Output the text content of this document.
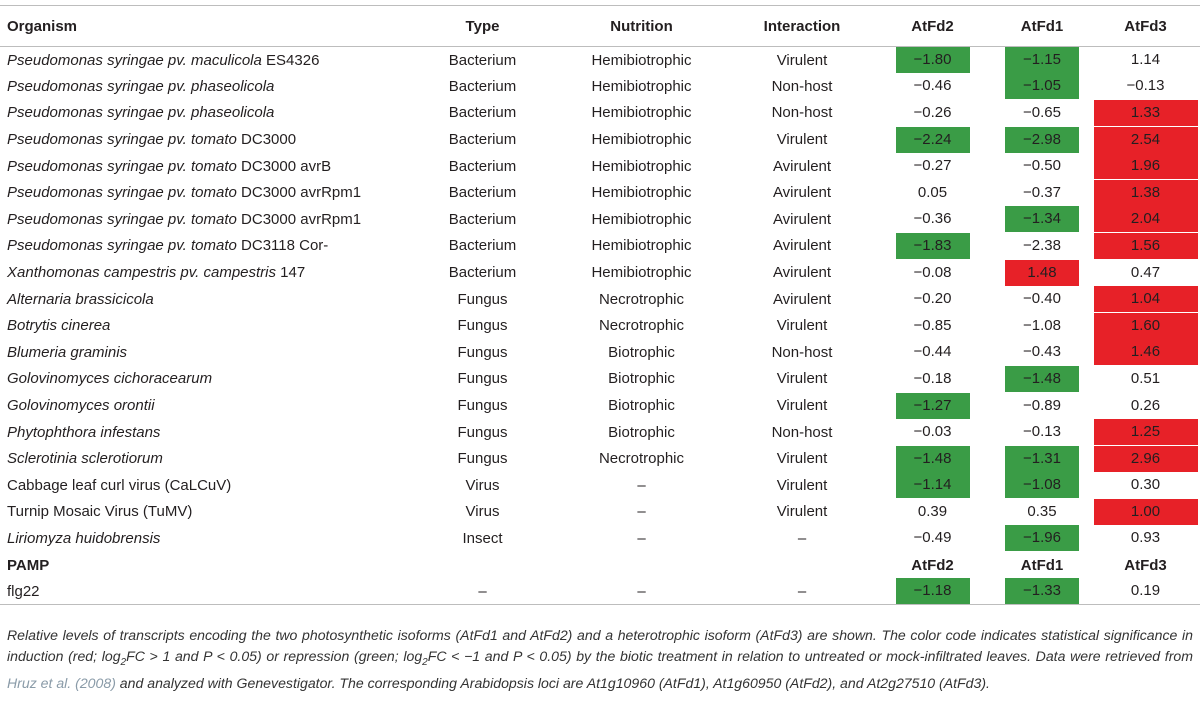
Organism	Type	Nutrition	Interaction	AtFd2	AtFd1	AtFd3
Pseudomonas syringae pv. maculicola ES4326	Bacterium	Hemibiotrophic	Virulent	−1.80	−1.15	1.14
Pseudomonas syringae pv. phaseolicola	Bacterium	Hemibiotrophic	Non-host	−0.46	−1.05	−0.13
Pseudomonas syringae pv. phaseolicola	Bacterium	Hemibiotrophic	Non-host	−0.26	−0.65	1.33
Pseudomonas syringae pv. tomato DC3000	Bacterium	Hemibiotrophic	Virulent	−2.24	−2.98	2.54
Pseudomonas syringae pv. tomato DC3000 avrB	Bacterium	Hemibiotrophic	Avirulent	−0.27	−0.50	1.96
Pseudomonas syringae pv. tomato DC3000 avrRpm1	Bacterium	Hemibiotrophic	Avirulent	0.05	−0.37	1.38
Pseudomonas syringae pv. tomato DC3000 avrRpm1	Bacterium	Hemibiotrophic	Avirulent	−0.36	−1.34	2.04
Pseudomonas syringae pv. tomato DC3118 Cor-	Bacterium	Hemibiotrophic	Avirulent	−1.83	−2.38	1.56
Xanthomonas campestris pv. campestris 147	Bacterium	Hemibiotrophic	Avirulent	−0.08	1.48	0.47
Alternaria brassicicola	Fungus	Necrotrophic	Avirulent	−0.20	−0.40	1.04
Botrytis cinerea	Fungus	Necrotrophic	Virulent	−0.85	−1.08	1.60
Blumeria graminis	Fungus	Biotrophic	Non-host	−0.44	−0.43	1.46
Golovinomyces cichoracearum	Fungus	Biotrophic	Virulent	−0.18	−1.48	0.51
Golovinomyces orontii	Fungus	Biotrophic	Virulent	−1.27	−0.89	0.26
Phytophthora infestans	Fungus	Biotrophic	Non-host	−0.03	−0.13	1.25
Sclerotinia sclerotiorum	Fungus	Necrotrophic	Virulent	−1.48	−1.31	2.96
Cabbage leaf curl virus (CaLCuV)	Virus	–	Virulent	−1.14	−1.08	0.30
Turnip Mosaic Virus (TuMV)	Virus	–	Virulent	0.39	0.35	1.00
Liriomyza huidobrensis	Insect	–	–	−0.49	−1.96	0.93
PAMP				AtFd2	AtFd1	AtFd3
flg22	–	–	–	−1.18	−1.33	0.19
Relative levels of transcripts encoding the two photosynthetic isoforms (AtFd1 and AtFd2) and a heterotrophic isoform (AtFd3) are shown. The color code indicates statistical significance in induction (red; $\log_2FC > 1$ and P < 0.05) or repression (green; $\log_2FC < -1$ and P < 0.05) by the biotic treatment in relation to untreated or mock-infiltrated leaves. Data were retrieved from Hruz et al. (2008) and analyzed with Genevestigator. The corresponding Arabidopsis loci are At1g10960 (AtFd1), At1g60950 (AtFd2), and At2g27510 (AtFd3).
